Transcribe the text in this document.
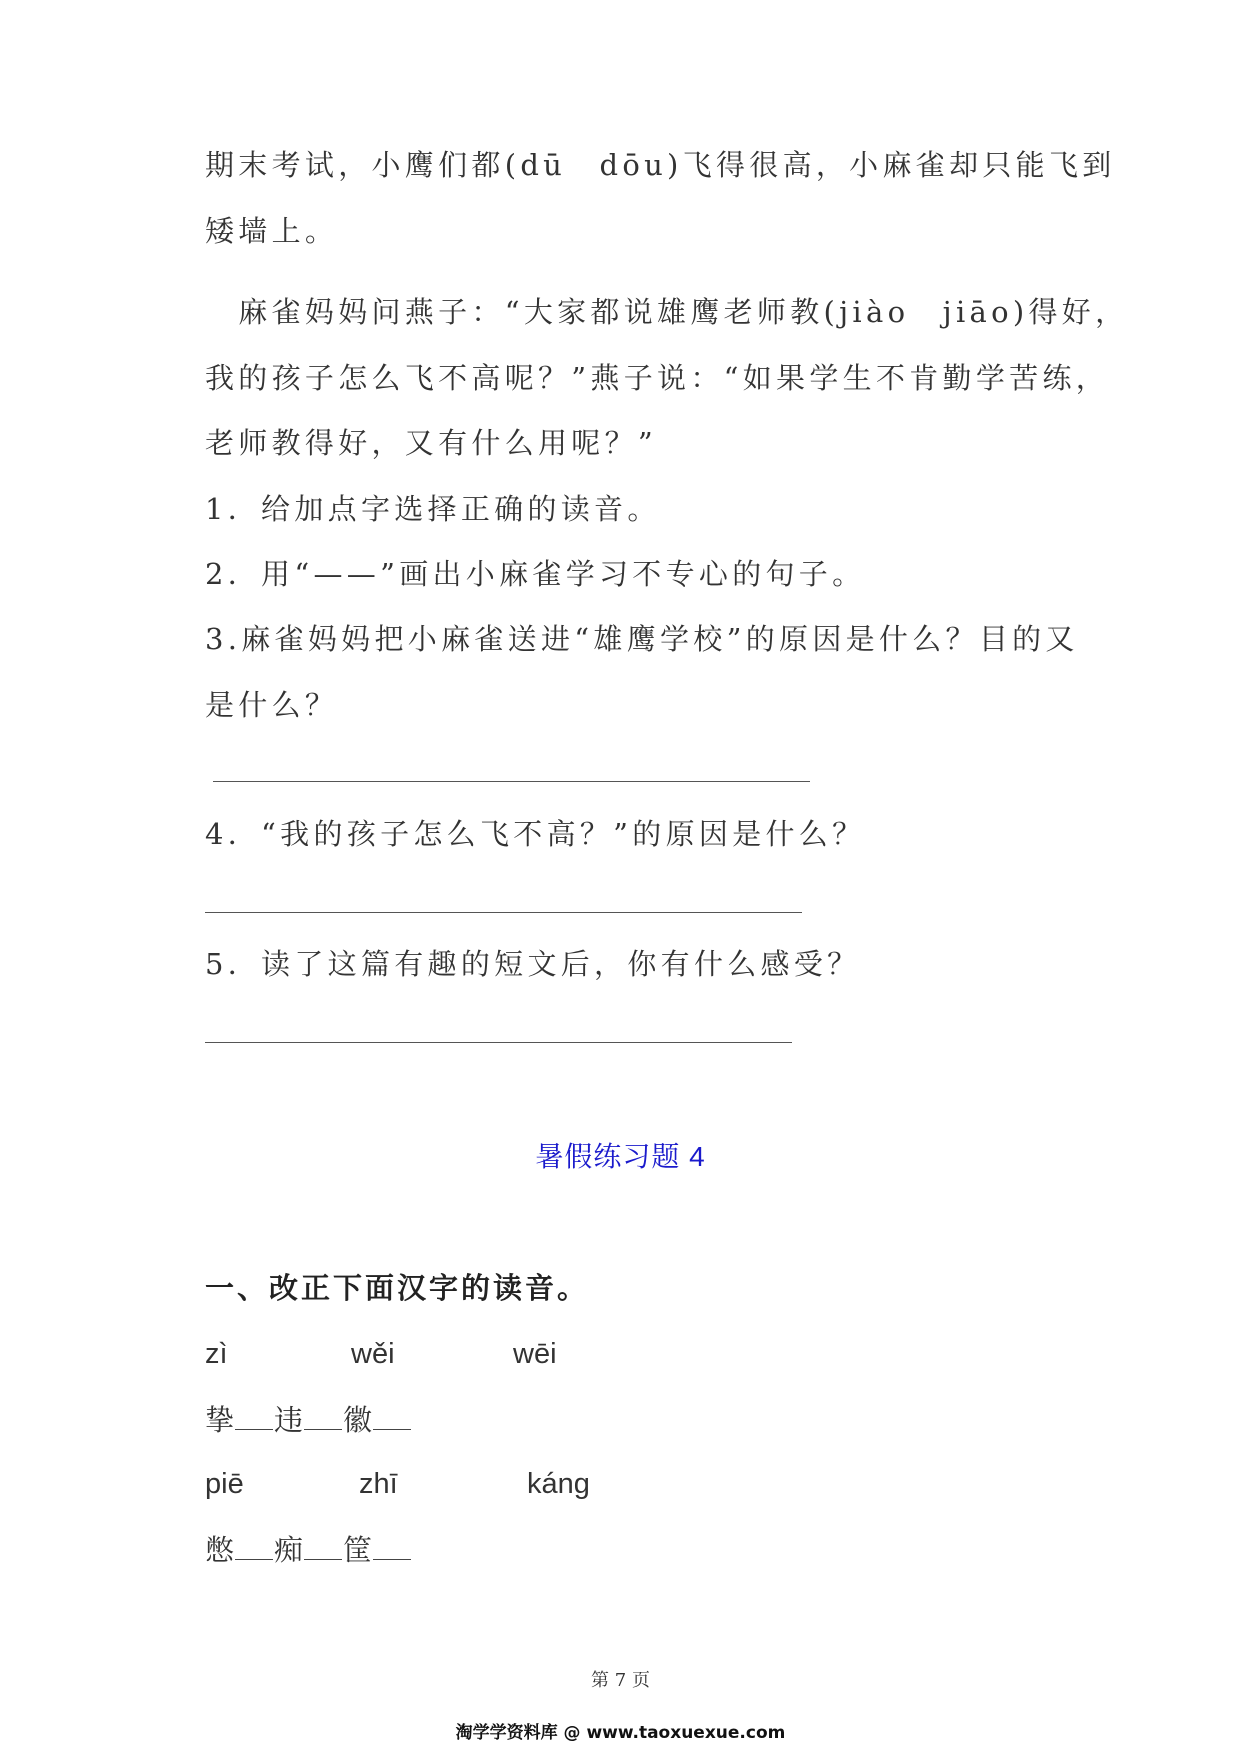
期末考试，小鹰们都(dū　dōu)飞得很高，小麻雀却只能飞到

矮墙上。

　麻雀妈妈问燕子：“大家都说雄鹰老师教(jiào　jiāo)得好，

我的孩子怎么飞不高呢？”燕子说：“如果学生不肯勤学苦练，

老师教得好，又有什么用呢？”

1．给加点字选择正确的读音。

2．用“——”画出小麻雀学习不专心的句子。

3.麻雀妈妈把小麻雀送进“雄鹰学校”的原因是什么？目的又

是什么？

4．“我的孩子怎么飞不高？”的原因是什么？

5．读了这篇有趣的短文后，你有什么感受？

暑假练习题 4

一、改正下面汉字的读音。

zì	wěi	wēi
挚 违 徽
piē	zhī	káng
憋 痴 筐
第 7 页
淘学学资料库 @ www.taoxuexue.com
